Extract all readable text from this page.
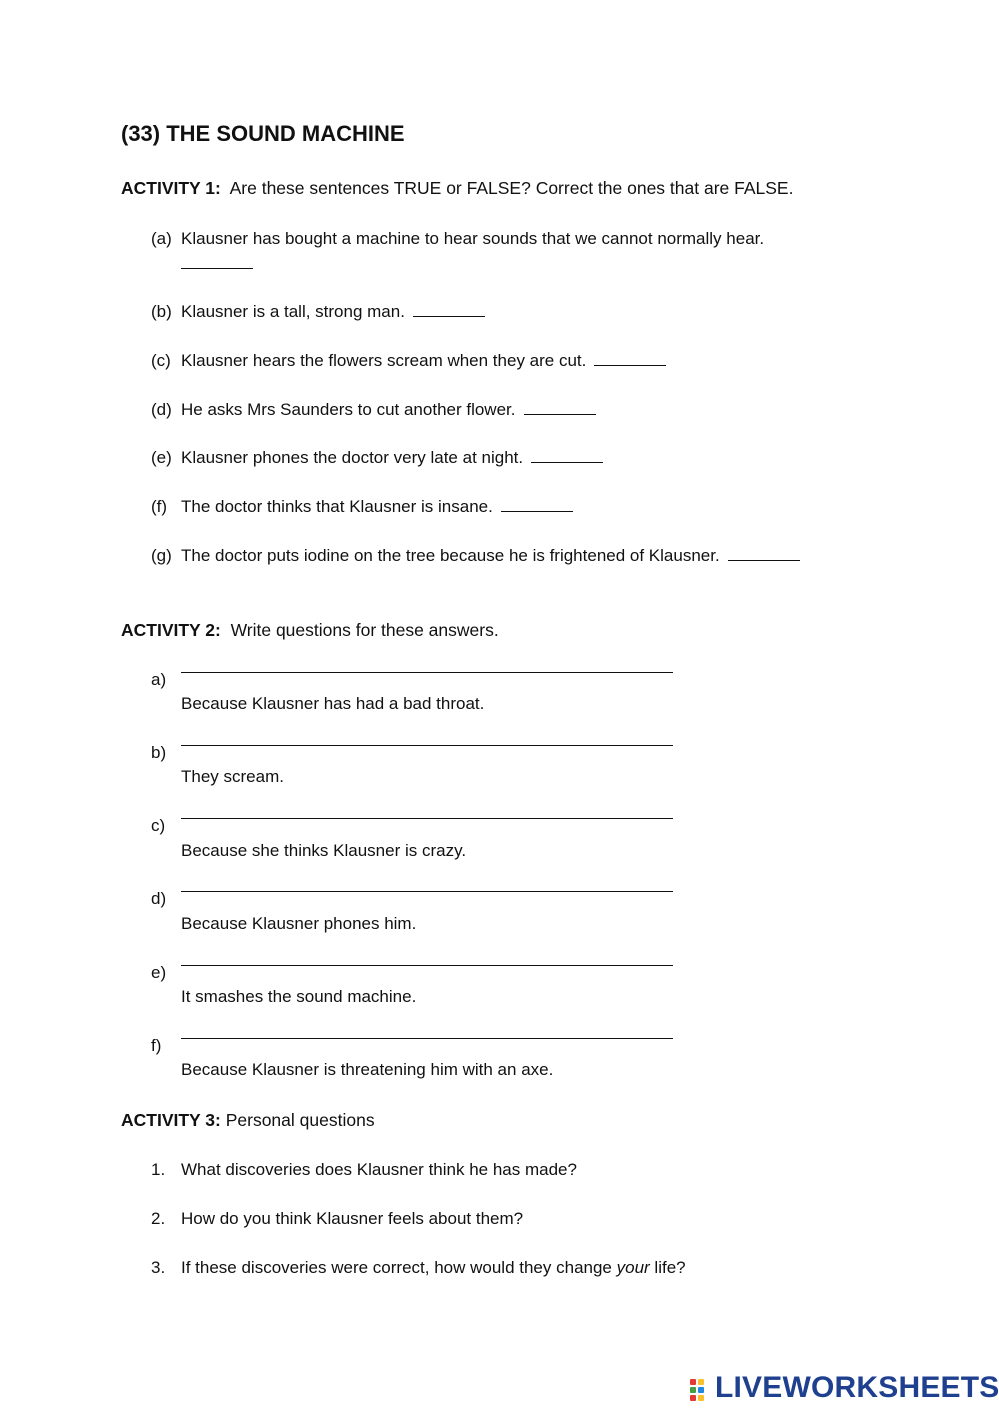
(33) THE SOUND MACHINE
ACTIVITY 1: Are these sentences TRUE or FALSE? Correct the ones that are FALSE.
(a) Klausner has bought a machine to hear sounds that we cannot normally hear.
(b) Klausner is a tall, strong man.
(c) Klausner hears the flowers scream when they are cut.
(d) He asks Mrs Saunders to cut another flower.
(e) Klausner phones the doctor very late at night.
(f) The doctor thinks that Klausner is insane.
(g) The doctor puts iodine on the tree because he is frightened of Klausner.
ACTIVITY 2: Write questions for these answers.
a)
Because Klausner has had a bad throat.
b)
They scream.
c)
Because she thinks Klausner is crazy.
d)
Because Klausner phones him.
e)
It smashes the sound machine.
f)
Because Klausner is threatening him with an axe.
ACTIVITY 3: Personal questions
1. What discoveries does Klausner think he has made?
2. How do you think Klausner feels about them?
3. If these discoveries were correct, how would they change your life?
LIVEWORKSHEETS
